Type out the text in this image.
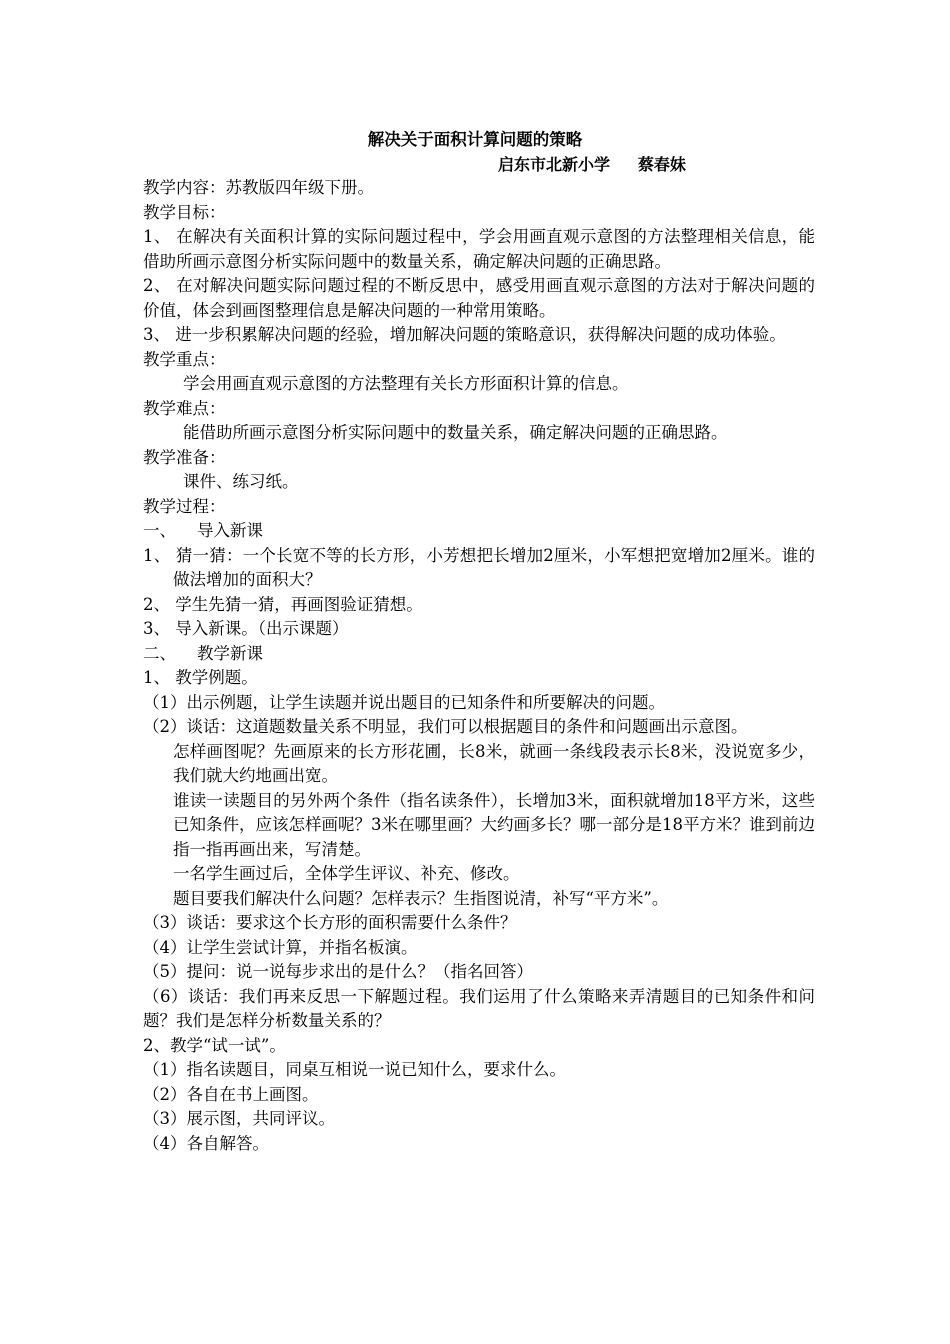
解决关于面积计算问题的策略
启东市北新小学     蔡春妹

教学内容：苏教版四年级下册。

教学目标：

1、 在解决有关面积计算的实际问题过程中，学会用画直观示意图的方法整理相关信息，能借助所画示意图分析实际问题中的数量关系，确定解决问题的正确思路。

2、 在对解决问题实际问题过程的不断反思中，感受用画直观示意图的方法对于解决问题的价值，体会到画图整理信息是解决问题的一种常用策略。

3、 进一步积累解决问题的经验，增加解决问题的策略意识，获得解决问题的成功体验。

教学重点：

学会用画直观示意图的方法整理有关长方形面积计算的信息。

教学难点：

能借助所画示意图分析实际问题中的数量关系，确定解决问题的正确思路。

教学准备：

课件、练习纸。

教学过程：

一、    导入新课

1、 猜一猜：一个长宽不等的长方形，小芳想把长增加2厘米，小军想把宽增加2厘米。谁的做法增加的面积大？

2、 学生先猜一猜，再画图验证猜想。

3、 导入新课。（出示课题）

二、    教学新课

1、 教学例题。

（1）出示例题，让学生读题并说出题目的已知条件和所要解决的问题。

（2）谈话：这道题数量关系不明显，我们可以根据题目的条件和问题画出示意图。

怎样画图呢？先画原来的长方形花圃，长8米，就画一条线段表示长8米，没说宽多少，我们就大约地画出宽。

谁读一读题目的另外两个条件（指名读条件），长增加3米，面积就增加18平方米，这些已知条件，应该怎样画呢？3米在哪里画？大约画多长？哪一部分是18平方米？谁到前边指一指再画出来，写清楚。

一名学生画过后，全体学生评议、补充、修改。

题目要我们解决什么问题？怎样表示？生指图说清，补写“平方米”。

（3）谈话：要求这个长方形的面积需要什么条件？

（4）让学生尝试计算，并指名板演。

（5）提问：说一说每步求出的是什么？（指名回答）

（6）谈话：我们再来反思一下解题过程。我们运用了什么策略来弄清题目的已知条件和问题？我们是怎样分析数量关系的？

2、教学“试一试”。

（1）指名读题目，同桌互相说一说已知什么，要求什么。

（2）各自在书上画图。

（3）展示图，共同评议。

（4）各自解答。
